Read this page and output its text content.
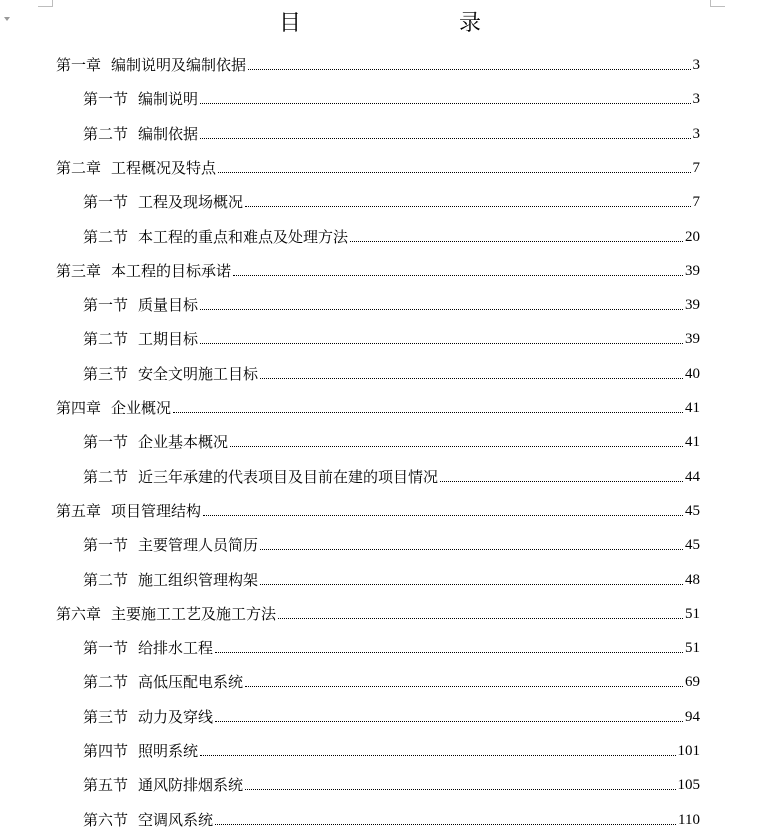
目　　录
第一章 编制说明及编制依据	3
第一节 编制说明	3
第二节 编制依据	3
第二章 工程概况及特点	7
第一节 工程及现场概况	7
第二节 本工程的重点和难点及处理方法	20
第三章 本工程的目标承诺	39
第一节 质量目标	39
第二节 工期目标	39
第三节 安全文明施工目标	40
第四章 企业概况	41
第一节 企业基本概况	41
第二节 近三年承建的代表项目及目前在建的项目情况	44
第五章 项目管理结构	45
第一节 主要管理人员简历	45
第二节 施工组织管理构架	48
第六章 主要施工工艺及施工方法	51
第一节 给排水工程	51
第二节 高低压配电系统	69
第三节 动力及穿线	94
第四节 照明系统	101
第五节 通风防排烟系统	105
第六节 空调风系统	110
